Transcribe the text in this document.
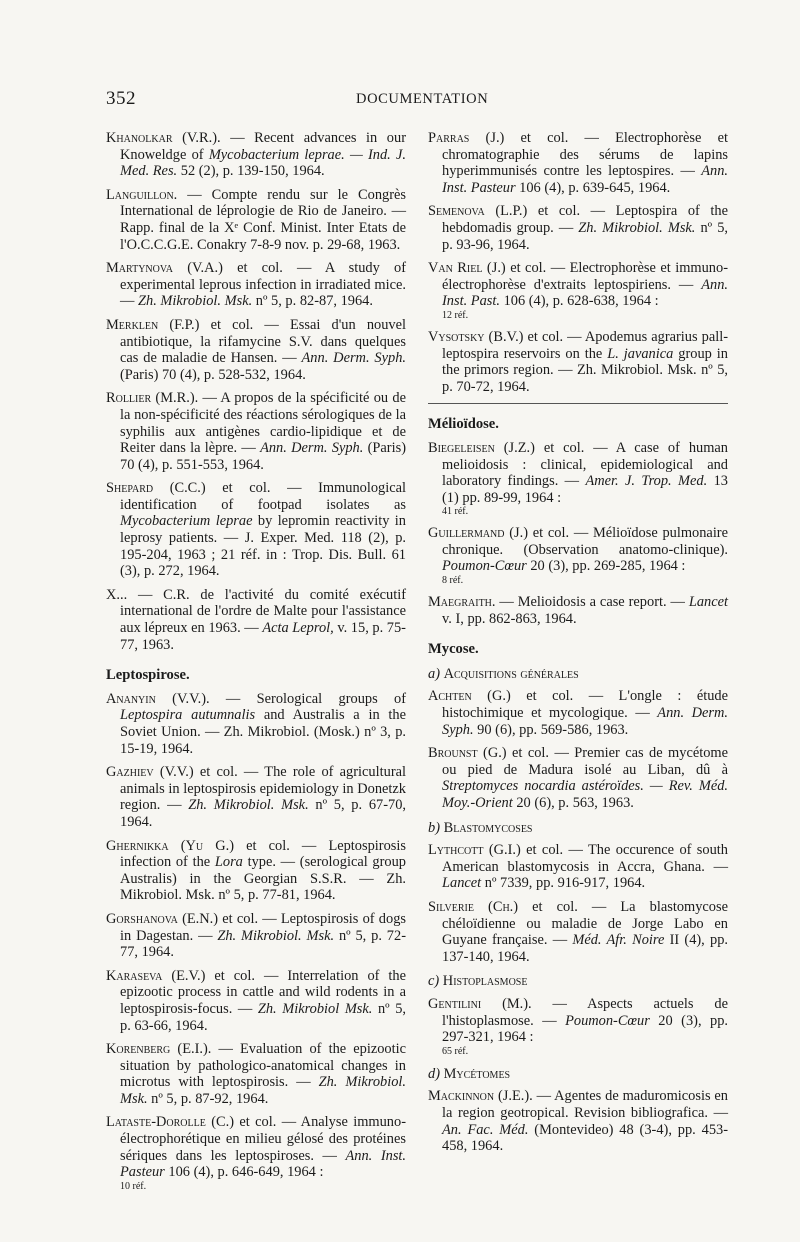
352	DOCUMENTATION

Khanolkar (V.R.). — Recent advances in our Knoweldge of Mycobacterium leprae. — Ind. J. Med. Res. 52 (2), p. 139-150, 1964.

Languillon. — Compte rendu sur le Congrès International de léprologie de Rio de Janeiro. — Rapp. final de la Xᵉ Conf. Minist. Inter Etats de l'O.C.C.G.E. Conakry 7-8-9 nov. p. 29-68, 1963.

Martynova (V.A.) et col. — A study of experimental leprous infection in irradiated mice. — Zh. Mikrobiol. Msk. nº 5, p. 82-87, 1964.

Merklen (F.P.) et col. — Essai d'un nouvel antibiotique, la rifamycine S.V. dans quelques cas de maladie de Hansen. — Ann. Derm. Syph. (Paris) 70 (4), p. 528-532, 1964.

Rollier (M.R.). — A propos de la spécificité ou de la non-spécificité des réactions sérologiques de la syphilis aux antigènes cardio-lipidique et de Reiter dans la lèpre. — Ann. Derm. Syph. (Paris) 70 (4), p. 551-553, 1964.

Shepard (C.C.) et col. — Immunological identification of footpad isolates as Mycobacterium leprae by lepromin reactivity in leprosy patients. — J. Exper. Med. 118 (2), p. 195-204, 1963 ; 21 réf. in : Trop. Dis. Bull. 61 (3), p. 272, 1964.

X... — C.R. de l'activité du comité exécutif international de l'ordre de Malte pour l'assistance aux lépreux en 1963. — Acta Leprol, v. 15, p. 75-77, 1963.

Leptospirose.

Ananyin (V.V.). — Serological groups of Leptospira autumnalis and Australis a in the Soviet Union. — Zh. Mikrobiol. (Mosk.) nº 3, p. 15-19, 1964.

Gazhiev (V.V.) et col. — The role of agricultural animals in leptospirosis epidemiology in Donetzk region. — Zh. Mikrobiol. Msk. nº 5, p. 67-70, 1964.

Ghernikka (Yu G.) et col. — Leptospirosis infection of the Lora type. — (serological group Australis) in the Georgian S.S.R. — Zh. Mikrobiol. Msk. nº 5, p. 77-81, 1964.

Gorshanova (E.N.) et col. — Leptospirosis of dogs in Dagestan. — Zh. Mikrobiol. Msk. nº 5, p. 72-77, 1964.

Karaseva (E.V.) et col. — Interrelation of the epizootic process in cattle and wild rodents in a leptospirosis-focus. — Zh. Mikrobiol Msk. nº 5, p. 63-66, 1964.

Korenberg (E.I.). — Evaluation of the epizootic situation by pathologico-anatomical changes in microtus with leptospirosis. — Zh. Mikrobiol. Msk. nº 5, p. 87-92, 1964.

Lataste-Dorolle (C.) et col. — Analyse immuno-électrophorétique en milieu gélosé des protéines sériques dans les leptospiroses. — Ann. Inst. Pasteur 106 (4), p. 646-649, 1964 :
10 réf.

Parras (J.) et col. — Electrophorèse et chromatographie des sérums de lapins hyperimmunisés contre les leptospires. — Ann. Inst. Pasteur 106 (4), p. 639-645, 1964.

Semenova (L.P.) et col. — Leptospira of the hebdomadis group. — Zh. Mikrobiol. Msk. nº 5, p. 93-96, 1964.

Van Riel (J.) et col. — Electrophorèse et immuno-électrophorèse d'extraits leptospiriens. — Ann. Inst. Past. 106 (4), p. 628-638, 1964 :
12 réf.

Vysotsky (B.V.) et col. — Apodemus agrarius pall-leptospira reservoirs on the L. javanica group in the primors region. — Zh. Mikrobiol. Msk. nº 5, p. 70-72, 1964.

Mélioïdose.

Biegeleisen (J.Z.) et col. — A case of human melioidosis : clinical, epidemiological and laboratory findings. — Amer. J. Trop. Med. 13 (1) pp. 89-99, 1964 :
41 réf.

Guillermand (J.) et col. — Mélioïdose pulmonaire chronique. (Observation anatomo-clinique). Poumon-Cœur 20 (3), pp. 269-285, 1964 :
8 réf.

Maegraith. — Melioidosis a case report. — Lancet v. I, pp. 862-863, 1964.

Mycose.
a) Acquisitions générales

Achten (G.) et col. — L'ongle : étude histochimique et mycologique. — Ann. Derm. Syph. 90 (6), pp. 569-586, 1963.

Brounst (G.) et col. — Premier cas de mycétome ou pied de Madura isolé au Liban, dû à Streptomyces nocardia astéroïdes. — Rev. Méd. Moy.-Orient 20 (6), p. 563, 1963.

b) Blastomycoses

Lythcott (G.I.) et col. — The occurence of south American blastomycosis in Accra, Ghana. — Lancet nº 7339, pp. 916-917, 1964.

Silverie (Ch.) et col. — La blastomycose chéloïdienne ou maladie de Jorge Labo en Guyane française. — Méd. Afr. Noire II (4), pp. 137-140, 1964.

c) Histoplasmose

Gentilini (M.). — Aspects actuels de l'histoplasmose. — Poumon-Cœur 20 (3), pp. 297-321, 1964 :
65 réf.

d) Mycétomes

Mackinnon (J.E.). — Agentes de maduromicosis en la region geotropical. Revision bibliografica. — An. Fac. Méd. (Montevideo) 48 (3-4), pp. 453-458, 1964.
